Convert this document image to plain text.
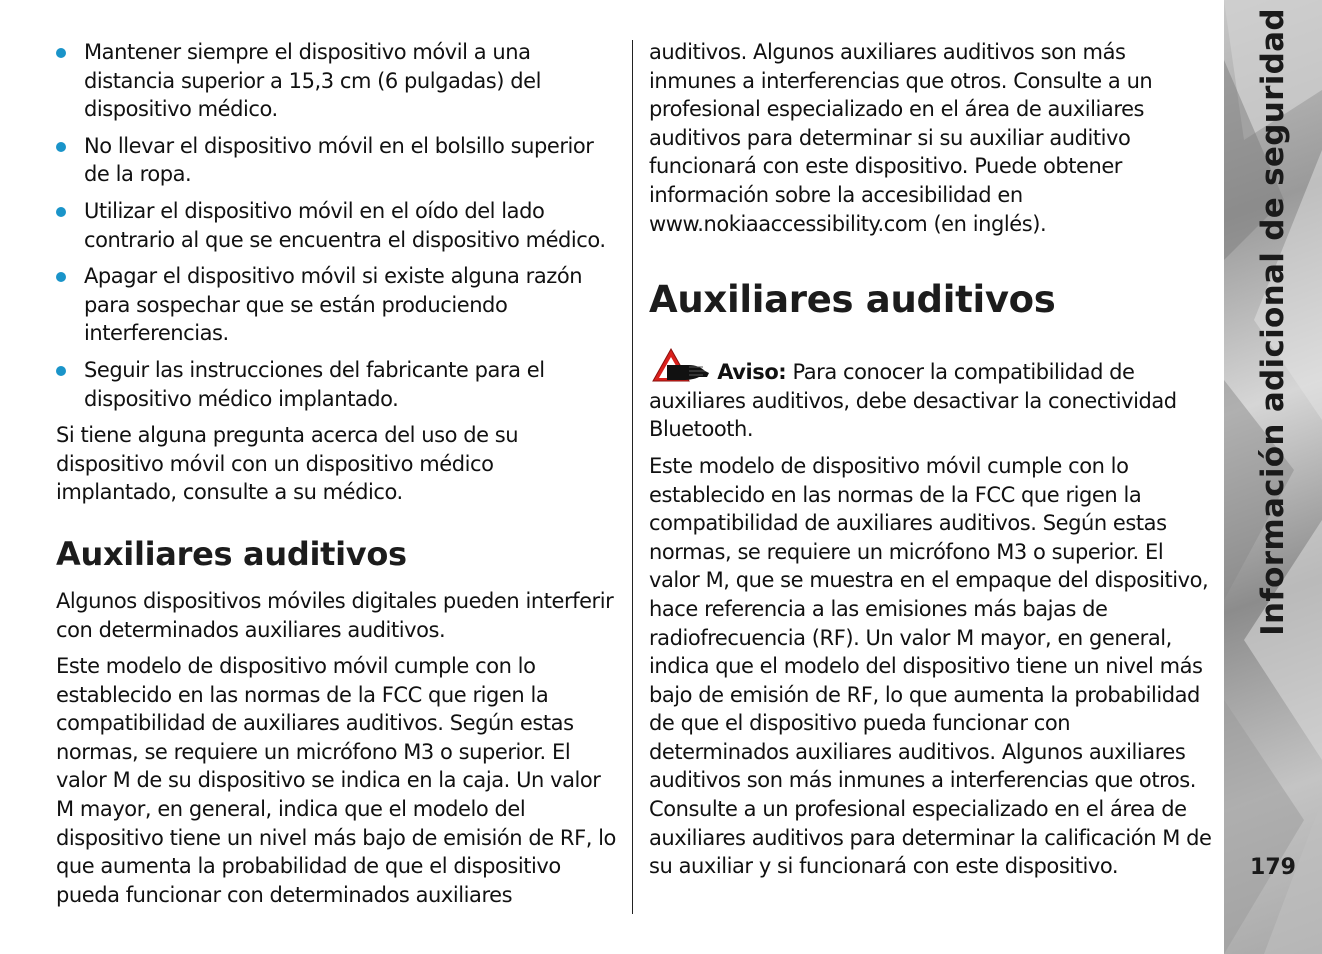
Mantener siempre el dispositivo móvil a una distancia superior a 15,3 cm (6 pulgadas) del dispositivo médico.
No llevar el dispositivo móvil en el bolsillo superior de la ropa.
Utilizar el dispositivo móvil en el oído del lado contrario al que se encuentra el dispositivo médico.
Apagar el dispositivo móvil si existe alguna razón para sospechar que se están produciendo interferencias.
Seguir las instrucciones del fabricante para el dispositivo médico implantado.

Si tiene alguna pregunta acerca del uso de su dispositivo móvil con un dispositivo médico implantado, consulte a su médico.

Auxiliares auditivos

Algunos dispositivos móviles digitales pueden interferir con determinados auxiliares auditivos.

Este modelo de dispositivo móvil cumple con lo establecido en las normas de la FCC que rigen la compatibilidad de auxiliares auditivos. Según estas normas, se requiere un micrófono M3 o superior. El valor M de su dispositivo se indica en la caja. Un valor M mayor, en general, indica que el modelo del dispositivo tiene un nivel más bajo de emisión de RF, lo que aumenta la probabilidad de que el dispositivo pueda funcionar con determinados auxiliares

auditivos. Algunos auxiliares auditivos son más inmunes a interferencias que otros. Consulte a un profesional especializado en el área de auxiliares auditivos para determinar si su auxiliar auditivo funcionará con este dispositivo. Puede obtener información sobre la accesibilidad en www.nokiaaccessibility.com (en inglés).

Auxiliares auditivos

Aviso: Para conocer la compatibilidad de auxiliares auditivos, debe desactivar la conectividad Bluetooth.

Este modelo de dispositivo móvil cumple con lo establecido en las normas de la FCC que rigen la compatibilidad de auxiliares auditivos. Según estas normas, se requiere un micrófono M3 o superior. El valor M, que se muestra en el empaque del dispositivo, hace referencia a las emisiones más bajas de radiofrecuencia (RF). Un valor M mayor, en general, indica que el modelo del dispositivo tiene un nivel más bajo de emisión de RF, lo que aumenta la probabilidad de que el dispositivo pueda funcionar con determinados auxiliares auditivos. Algunos auxiliares auditivos son más inmunes a interferencias que otros. Consulte a un profesional especializado en el área de auxiliares auditivos para determinar la calificación M de su auxiliar y si funcionará con este dispositivo.

Información adicional de seguridad
179
